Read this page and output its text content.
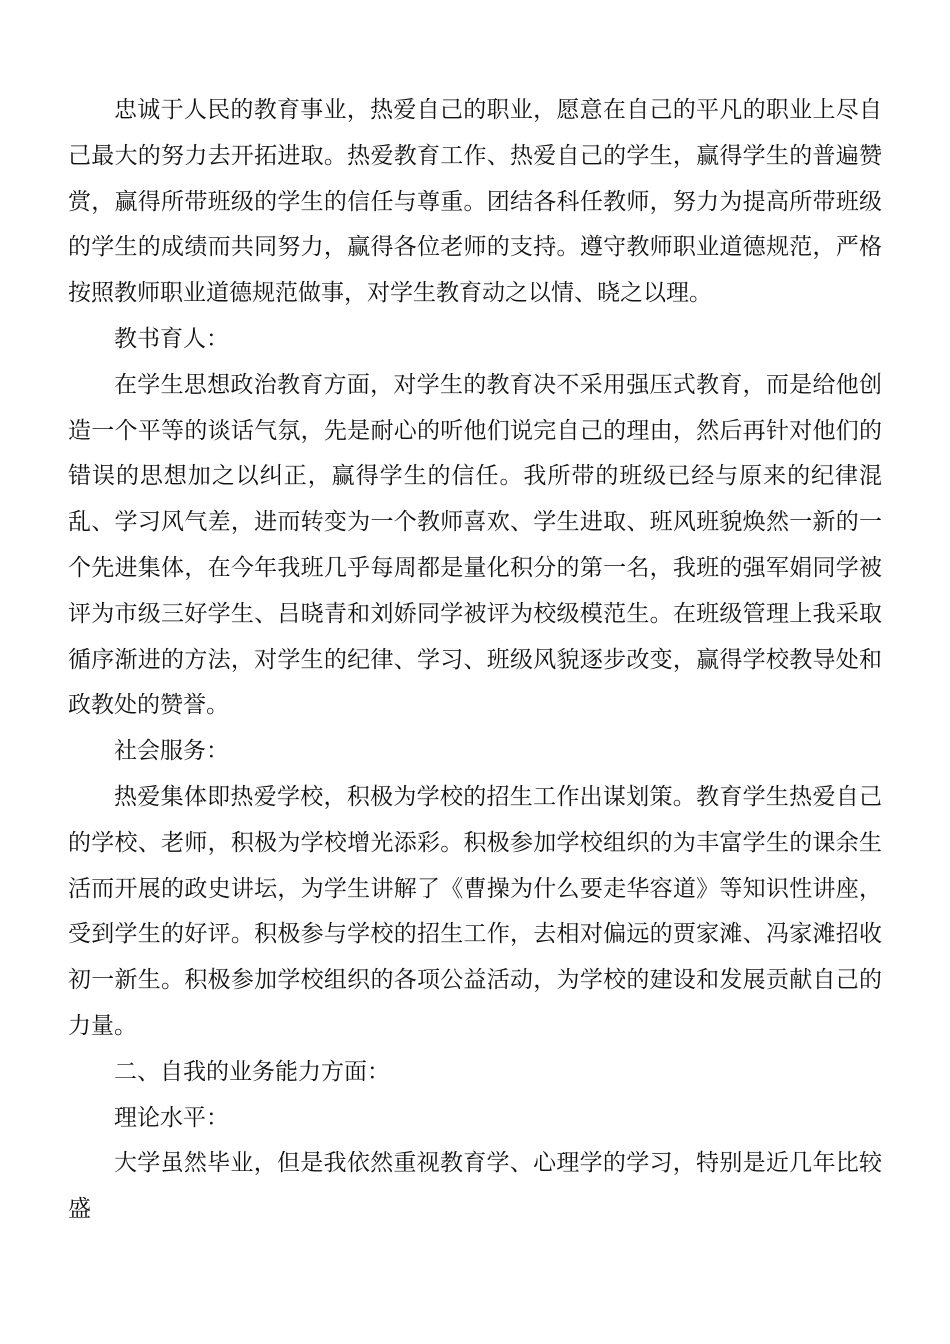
忠诚于人民的教育事业，热爱自己的职业，愿意在自己的平凡的职业上尽自己最大的努力去开拓进取。热爱教育工作、热爱自己的学生，赢得学生的普遍赞赏，赢得所带班级的学生的信任与尊重。团结各科任教师，努力为提高所带班级的学生的成绩而共同努力，赢得各位老师的支持。遵守教师职业道德规范，严格按照教师职业道德规范做事，对学生教育动之以情、晓之以理。

教书育人：

在学生思想政治教育方面，对学生的教育决不采用强压式教育，而是给他创造一个平等的谈话气氛，先是耐心的听他们说完自己的理由，然后再针对他们的错误的思想加之以纠正，赢得学生的信任。我所带的班级已经与原来的纪律混乱、学习风气差，进而转变为一个教师喜欢、学生进取、班风班貌焕然一新的一个先进集体，在今年我班几乎每周都是量化积分的第一名，我班的强军娟同学被评为市级三好学生、吕晓青和刘娇同学被评为校级模范生。在班级管理上我采取循序渐进的方法，对学生的纪律、学习、班级风貌逐步改变，赢得学校教导处和政教处的赞誉。

社会服务：

热爱集体即热爱学校，积极为学校的招生工作出谋划策。教育学生热爱自己的学校、老师，积极为学校增光添彩。积极参加学校组织的为丰富学生的课余生活而开展的政史讲坛，为学生讲解了《曹操为什么要走华容道》等知识性讲座，受到学生的好评。积极参与学校的招生工作，去相对偏远的贾家滩、冯家滩招收初一新生。积极参加学校组织的各项公益活动，为学校的建设和发展贡献自己的力量。

二、自我的业务能力方面：

理论水平：

大学虽然毕业，但是我依然重视教育学、心理学的学习，特别是近几年比较盛
